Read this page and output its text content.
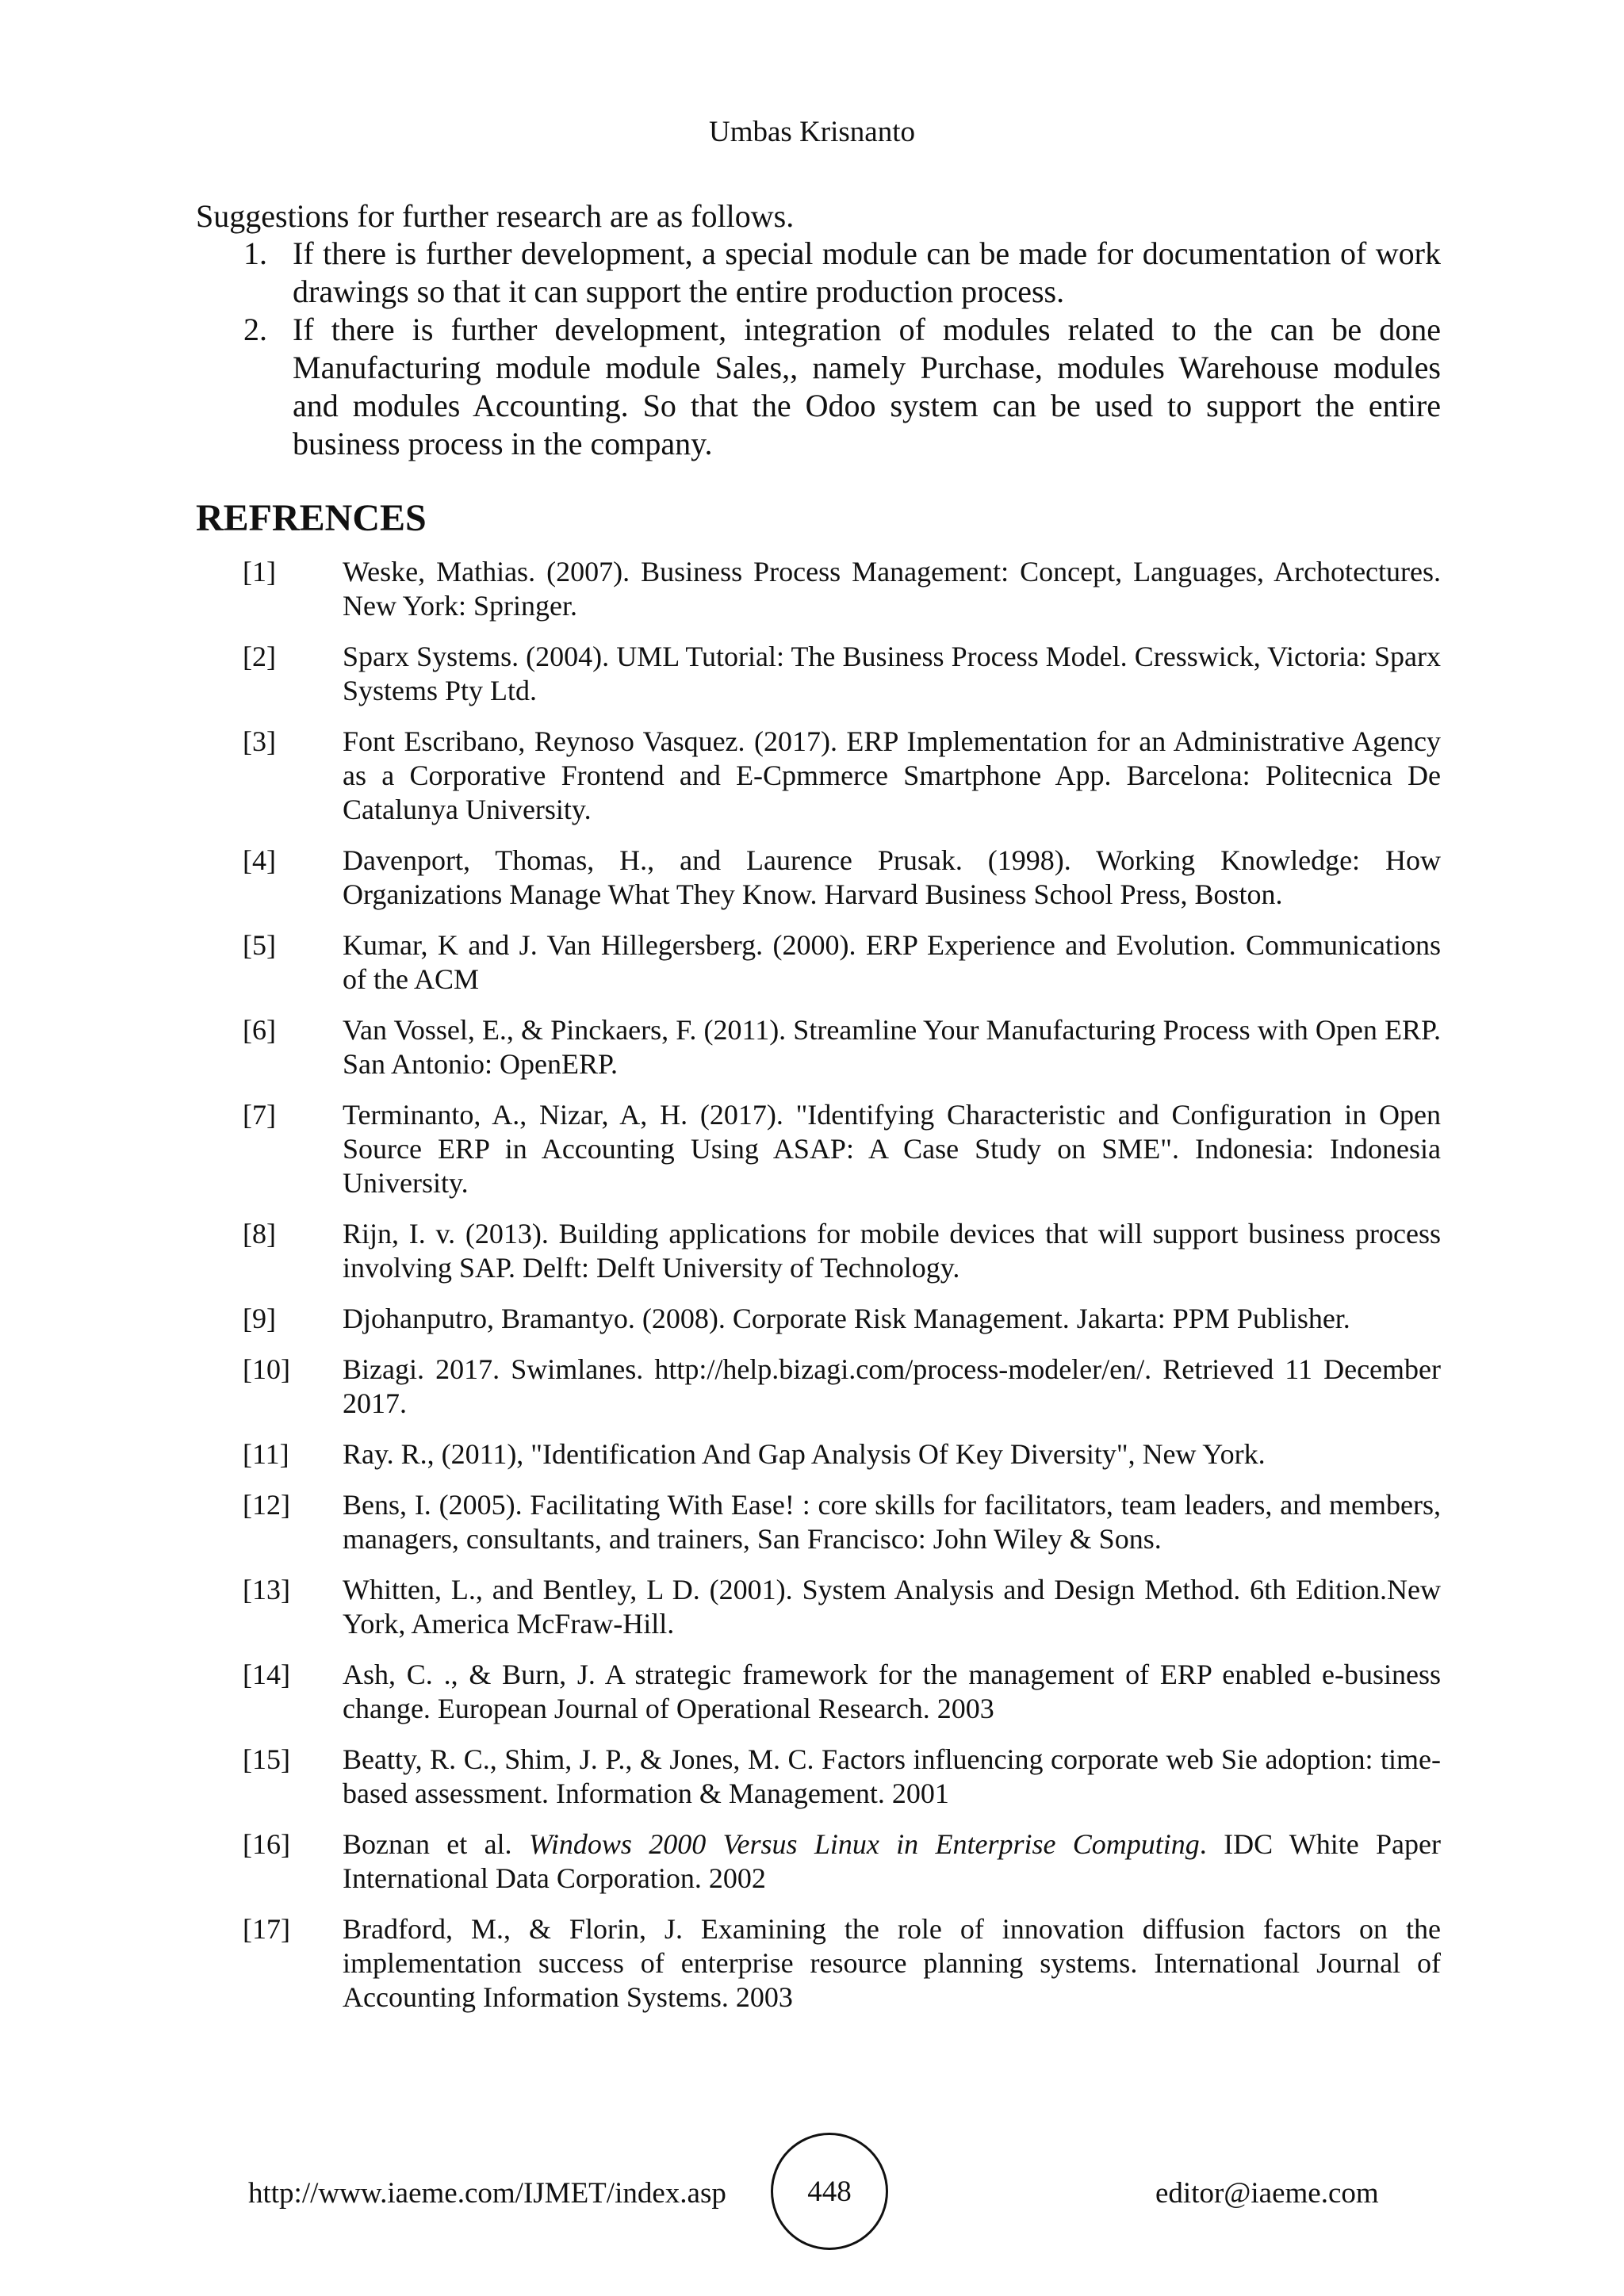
Umbas Krisnanto
Suggestions for further research are as follows.
1. If there is further development, a special module can be made for documentation of work drawings so that it can support the entire production process.
2. If there is further development, integration of modules related to the can be done Manufacturing module module Sales,, namely Purchase, modules Warehouse modules and modules Accounting. So that the Odoo system can be used to support the entire business process in the company.
REFRENCES
[1] Weske, Mathias. (2007). Business Process Management: Concept, Languages, Archotectures. New York: Springer.
[2] Sparx Systems. (2004). UML Tutorial: The Business Process Model. Cresswick, Victoria: Sparx Systems Pty Ltd.
[3] Font Escribano, Reynoso Vasquez. (2017). ERP Implementation for an Administrative Agency as a Corporative Frontend and E-Cpmmerce Smartphone App. Barcelona: Politecnica De Catalunya University.
[4] Davenport, Thomas, H., and Laurence Prusak. (1998). Working Knowledge: How Organizations Manage What They Know. Harvard Business School Press, Boston.
[5] Kumar, K and J. Van Hillegersberg. (2000). ERP Experience and Evolution. Communications of the ACM
[6] Van Vossel, E., & Pinckaers, F. (2011). Streamline Your Manufacturing Process with Open ERP. San Antonio: OpenERP.
[7] Terminanto, A., Nizar, A, H. (2017). "Identifying Characteristic and Configuration in Open Source ERP in Accounting Using ASAP: A Case Study on SME". Indonesia: Indonesia University.
[8] Rijn, I. v. (2013). Building applications for mobile devices that will support business process involving SAP. Delft: Delft University of Technology.
[9] Djohanputro, Bramantyo. (2008). Corporate Risk Management. Jakarta: PPM Publisher.
[10] Bizagi. 2017. Swimlanes. http://help.bizagi.com/process-modeler/en/. Retrieved 11 December 2017.
[11] Ray. R., (2011), "Identification And Gap Analysis Of Key Diversity", New York.
[12] Bens, I. (2005). Facilitating With Ease! : core skills for facilitators, team leaders, and members, managers, consultants, and trainers, San Francisco: John Wiley & Sons.
[13] Whitten, L., and Bentley, L D. (2001). System Analysis and Design Method. 6th Edition.New York, America McFraw-Hill.
[14] Ash, C. ., & Burn, J. A strategic framework for the management of ERP enabled e-business change. European Journal of Operational Research. 2003
[15] Beatty, R. C., Shim, J. P., & Jones, M. C. Factors influencing corporate web Sie adoption: time-based assessment. Information & Management. 2001
[16] Boznan et al. Windows 2000 Versus Linux in Enterprise Computing. IDC White Paper International Data Corporation. 2002
[17] Bradford, M., & Florin, J. Examining the role of innovation diffusion factors on the implementation success of enterprise resource planning systems. International Journal of Accounting Information Systems. 2003
http://www.iaeme.com/IJMET/index.asp	448	editor@iaeme.com
